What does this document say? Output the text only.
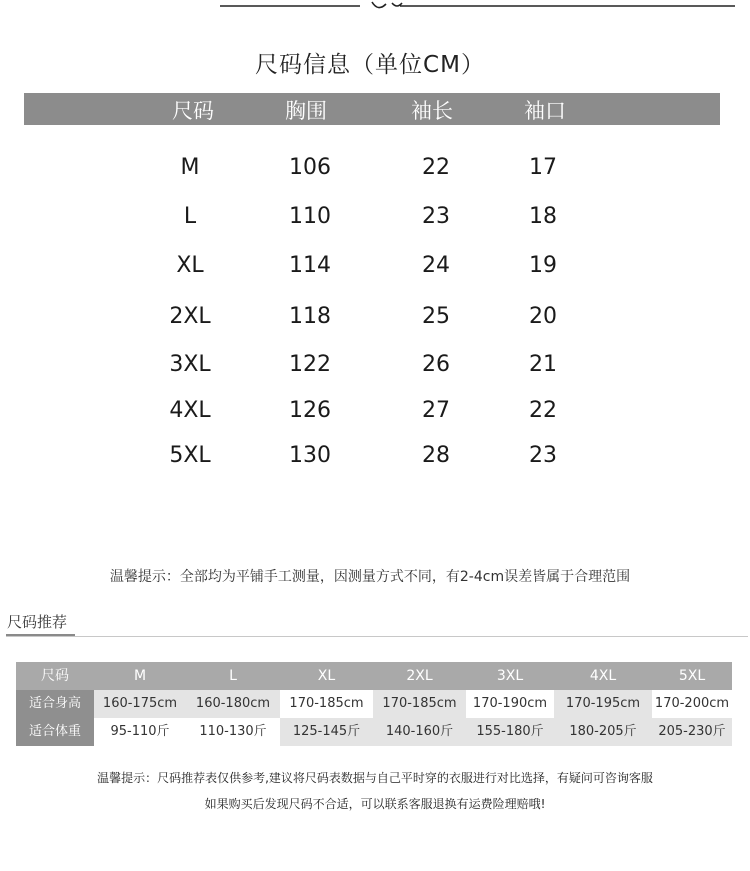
尺码信息（单位CM）
尺码	胸围	袖长	袖口
M	106	22	17
L	110	23	18
XL	114	24	19
2XL	118	25	20
3XL	122	26	21
4XL	126	27	22
5XL	130	28	23
温馨提示：全部均为平铺手工测量，因测量方式不同，有2-4cm误差皆属于合理范围
尺码推荐
尺码	M	L	XL	2XL	3XL	4XL	5XL
适合身高	160-175cm	160-180cm	170-185cm	170-185cm	170-190cm	170-195cm	170-200cm
适合体重	95-110斤	110-130斤	125-145斤	140-160斤	155-180斤	180-205斤	205-230斤
温馨提示：尺码推荐表仅供参考,建议将尺码表数据与自己平时穿的衣服进行对比选择，有疑问可咨询客服
如果购买后发现尺码不合适，可以联系客服退换有运费险理赔哦!
